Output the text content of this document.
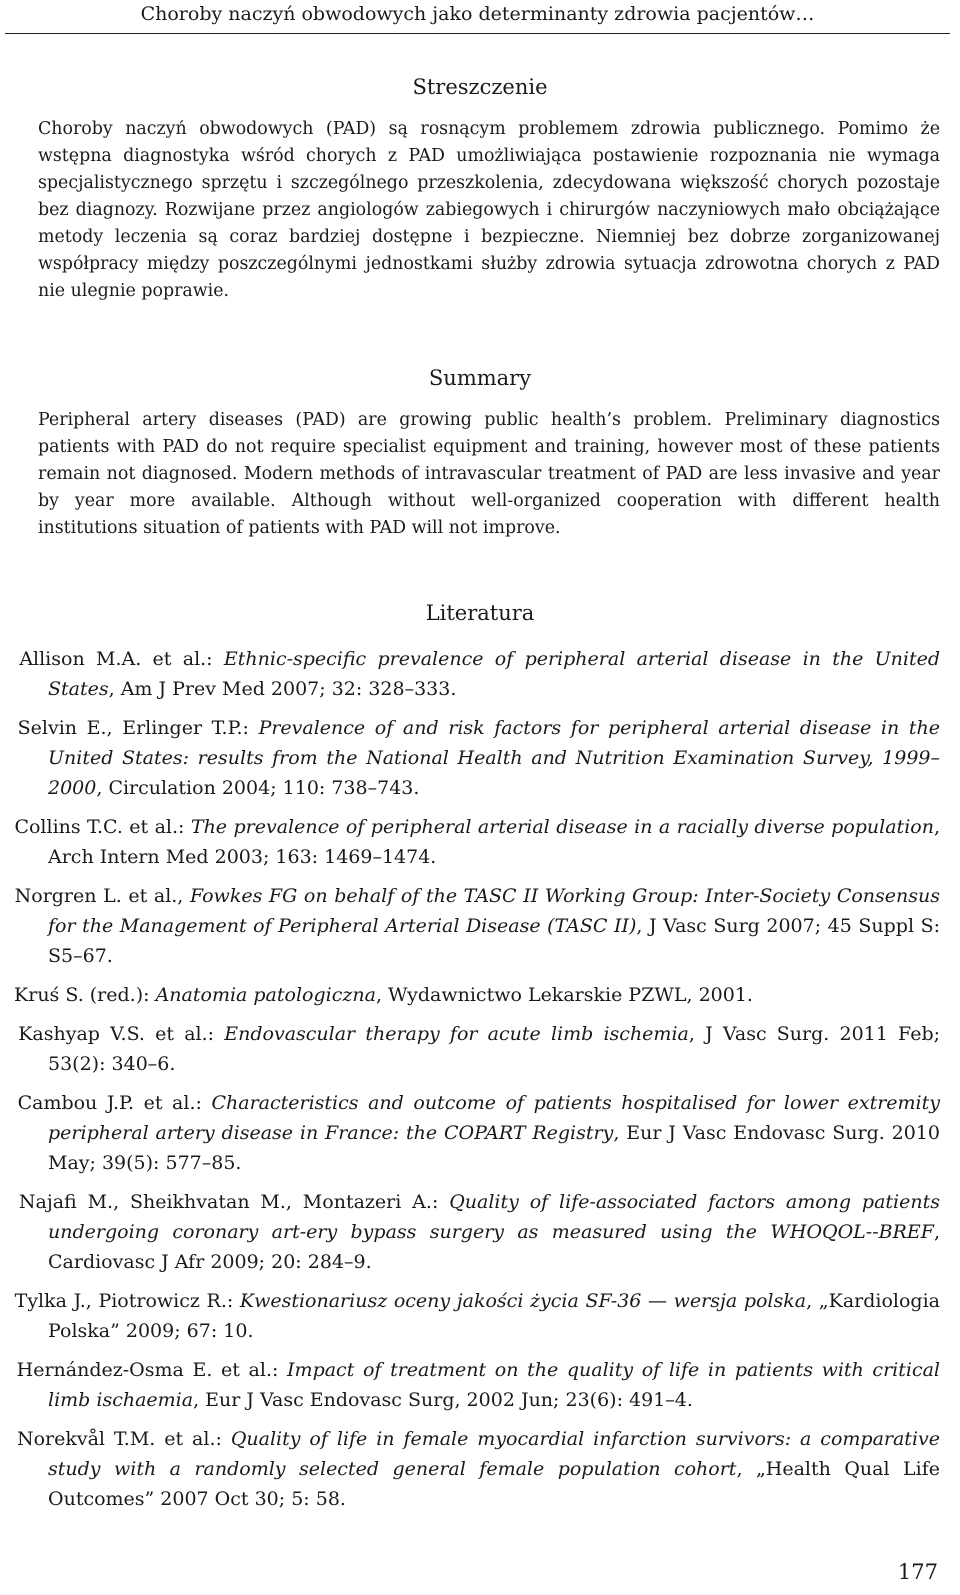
Choroby naczyń obwodowych jako determinanty zdrowia pacjentów…
Streszczenie
Choroby naczyń obwodowych (PAD) są rosnącym problemem zdrowia publicznego. Pomimo że wstępna diagnostyka wśród chorych z PAD umożliwiająca postawienie rozpoznania nie wymaga specjalistycznego sprzętu i szczególnego przeszkolenia, zdecydowana większość chorych pozostaje bez diagnozy. Rozwijane przez angiologów zabiegowych i chirurgów naczyniowych mało obciążające metody leczenia są coraz bardziej dostępne i bezpieczne. Niemniej bez dobrze zorganizowanej współpracy między poszczególnymi jednostkami służby zdrowia sytuacja zdrowotna chorych z PAD nie ulegnie poprawie.
Summary
Peripheral artery diseases (PAD) are growing public health’s problem. Preliminary diagnostics patients with PAD do not require specialist equipment and training, however most of these patients remain not diagnosed. Modern methods of intravascular treatment of PAD are less invasive and year by year more available. Although without well-organized cooperation with different health institutions situation of patients with PAD will not improve.
Literatura
Allison M.A. et al.: Ethnic-specific prevalence of peripheral arterial disease in the United States, Am J Prev Med 2007; 32: 328–333.
Selvin E., Erlinger T.P.: Prevalence of and risk factors for peripheral arterial disease in the United States: results from the National Health and Nutrition Examination Survey, 1999–2000, Circulation 2004; 110: 738–743.
Collins T.C. et al.: The prevalence of peripheral arterial disease in a racially diverse population, Arch Intern Med 2003; 163: 1469–1474.
Norgren L. et al., Fowkes FG on behalf of the TASC II Working Group: Inter-Society Consensus for the Management of Peripheral Arterial Disease (TASC II), J Vasc Surg 2007; 45 Suppl S: S5–67.
Kruś S. (red.): Anatomia patologiczna, Wydawnictwo Lekarskie PZWL, 2001.
Kashyap V.S. et al.: Endovascular therapy for acute limb ischemia, J Vasc Surg. 2011 Feb; 53(2): 340–6.
Cambou J.P. et al.: Characteristics and outcome of patients hospitalised for lower extremity peripheral artery disease in France: the COPART Registry, Eur J Vasc Endovasc Surg. 2010 May; 39(5): 577–85.
Najafi M., Sheikhvatan M., Montazeri A.: Quality of life-associated factors among patients undergoing coronary art-ery bypass surgery as measured using the WHOQOL--BREF, Cardiovasc J Afr 2009; 20: 284–9.
Tylka J., Piotrowicz R.: Kwestionariusz oceny jakości życia SF-36 — wersja polska, „Kardiologia Polska” 2009; 67: 10.
Hernández-Osma E. et al.: Impact of treatment on the quality of life in patients with critical limb ischaemia, Eur J Vasc Endovasc Surg, 2002 Jun; 23(6): 491–4.
Norekvål T.M. et al.: Quality of life in female myocardial infarction survivors: a comparative study with a randomly selected general female population cohort, „Health Qual Life Outcomes” 2007 Oct 30; 5: 58.
177
